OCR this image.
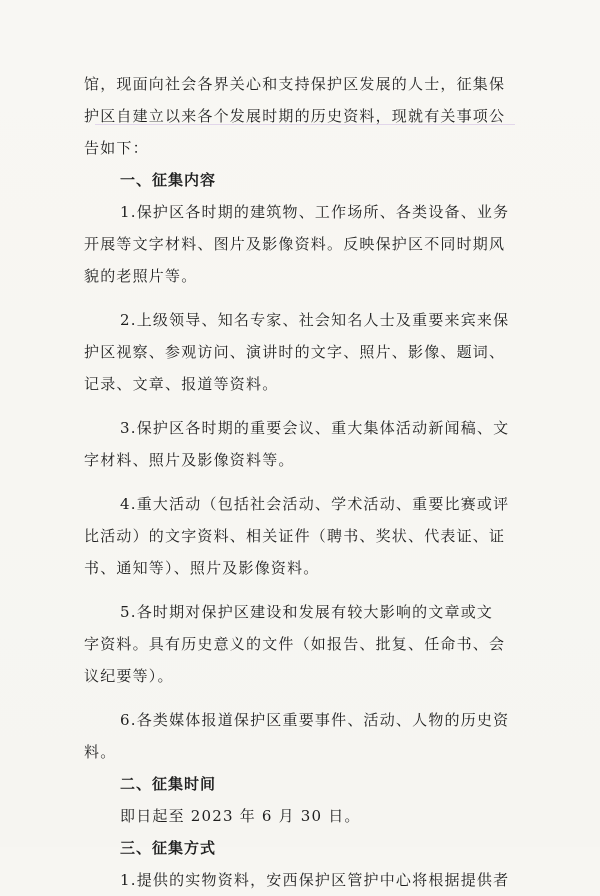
馆，现面向社会各界关心和支持保护区发展的人士，征集保
护区自建立以来各个发展时期的历史资料，现就有关事项公
告如下：
一、征集内容
1.保护区各时期的建筑物、工作场所、各类设备、业务
开展等文字材料、图片及影像资料。反映保护区不同时期风
貌的老照片等。
2.上级领导、知名专家、社会知名人士及重要来宾来保
护区视察、参观访问、演讲时的文字、照片、影像、题词、
记录、文章、报道等资料。
3.保护区各时期的重要会议、重大集体活动新闻稿、文
字材料、照片及影像资料等。
4.重大活动（包括社会活动、学术活动、重要比赛或评
比活动）的文字资料、相关证件（聘书、奖状、代表证、证
书、通知等）、照片及影像资料。
5.各时期对保护区建设和发展有较大影响的文章或文
字资料。具有历史意义的文件（如报告、批复、任命书、会
议纪要等）。
6.各类媒体报道保护区重要事件、活动、人物的历史资
料。
二、征集时间
即日起至 2023 年 6 月 30 日。
三、征集方式
1.提供的实物资料，安西保护区管护中心将根据提供者
